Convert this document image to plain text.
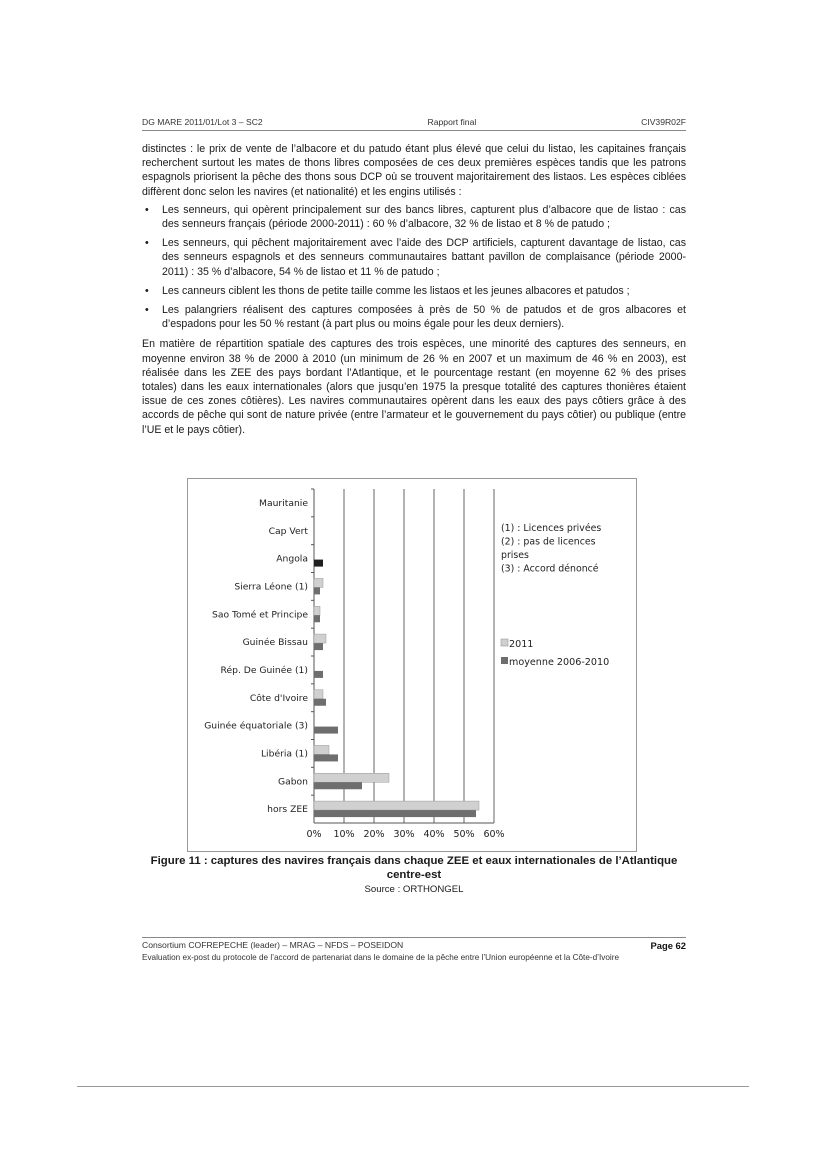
DG MARE 2011/01/Lot 3 – SC2	Rapport final	CIV39R02F

distinctes : le prix de vente de l’albacore et du patudo étant plus élevé que celui du listao, les capitaines français recherchent surtout les mates de thons libres composées de ces deux premières espèces tandis que les patrons espagnols priorisent la pêche des thons sous DCP où se trouvent majoritairement des listaos. Les espèces ciblées diffèrent donc selon les navires (et nationalité) et les engins utilisés :

• Les senneurs, qui opèrent principalement sur des bancs libres, capturent plus d’albacore que de listao : cas des senneurs français (période 2000-2011) : 60 % d’albacore, 32 % de listao et 8 % de patudo ;
• Les senneurs, qui pêchent majoritairement avec l’aide des DCP artificiels, capturent davantage de listao, cas des senneurs espagnols et des senneurs communautaires battant pavillon de complaisance (période 2000-2011) : 35 % d’albacore, 54 % de listao et 11 % de patudo ;
• Les canneurs ciblent les thons de petite taille comme les listaos et les jeunes albacores et patudos ;
• Les palangriers réalisent des captures composées à près de 50 % de patudos et de gros albacores et d’espadons pour les 50 % restant (à part plus ou moins égale pour les deux derniers).

En matière de répartition spatiale des captures des trois espèces, une minorité des captures des senneurs, en moyenne environ 38 % de 2000 à 2010 (un minimum de 26 % en 2007 et un maximum de 46 % en 2003), est réalisée dans les ZEE des pays bordant l’Atlantique, et le pourcentage restant (en moyenne 62 % des prises totales) dans les eaux internationales (alors que jusqu’en 1975 la presque totalité des captures thonières étaient issue de ces zones côtières). Les navires communautaires opèrent dans les eaux des pays côtiers grâce à des accords de pêche qui sont de nature privée (entre l’armateur et le gouvernement du pays côtier) ou publique (entre l’UE et le pays côtier).

0% 10% 20% 30% 40% 50% 60%
Mauritanie
Cap Vert
Angola
Sierra Léone (1)
Sao Tomé et Principe
Guinée Bissau
Rép. De Guinée (1)
Côte d'Ivoire
Guinée équatoriale (3)
Libéria (1)
Gabon
hors ZEE
(1) : Licences privées
(2) : pas de licences
prises
(3) : Accord dénoncé
2011
moyenne 2006-2010
Figure 11 : captures des navires français dans chaque ZEE et eaux internationales de l’Atlantique
centre-est
Source : ORTHONGEL
Consortium COFREPECHE (leader) – MRAG – NFDS – POSEIDON	Page 62
Evaluation ex-post du protocole de l’accord de partenariat dans le domaine de la pêche entre l’Union européenne et la Côte-d’Ivoire
